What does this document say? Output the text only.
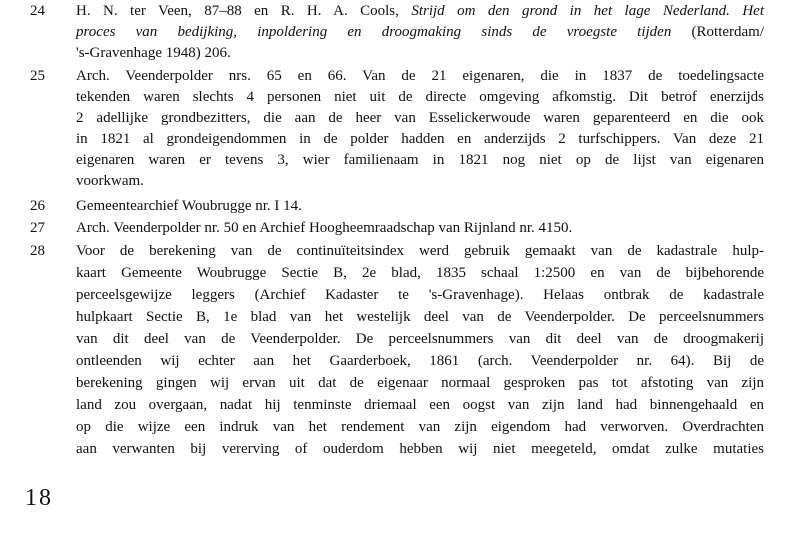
24	H. N. ter Veen, 87–88 en R. H. A. Cools, Strijd om den grond in het lage Nederland. Het
proces van bedijking, inpoldering en droogmaking sinds de vroegste tijden (Rotterdam/
's-Gravenhage 1948) 206.
25	Arch. Veenderpolder nrs. 65 en 66. Van de 21 eigenaren, die in 1837 de toedelingsacte
tekenden waren slechts 4 personen niet uit de directe omgeving afkomstig. Dit betrof enerzijds
2 adellijke grondbezitters, die aan de heer van Esselickerwoude waren geparenteerd en die ook
in 1821 al grondeigendommen in de polder hadden en anderzijds 2 turfschippers. Van deze 21
eigenaren waren er tevens 3, wier familienaam in 1821 nog niet op de lijst van eigenaren
voorkwam.
26	Gemeentearchief Woubrugge nr. I 14.
27	Arch. Veenderpolder nr. 50 en Archief Hoogheemraadschap van Rijnland nr. 4150.
28	Voor de berekening van de continuïteitsindex werd gebruik gemaakt van de kadastrale hulp-
kaart Gemeente Woubrugge Sectie B, 2e blad, 1835 schaal 1:2500 en van de bijbehorende
perceelsgewijze leggers (Archief Kadaster te 's-Gravenhage). Helaas ontbrak de kadastrale
hulpkaart Sectie B, 1e blad van het westelijk deel van de Veenderpolder. De perceelsnummers
van dit deel van de Veenderpolder. De perceelsnummers van dit deel van de droogmakerij
ontleenden wij echter aan het Gaarderboek, 1861 (arch. Veenderpolder nr. 64). Bij de
berekening gingen wij ervan uit dat de eigenaar normaal gesproken pas tot afstoting van zijn
land zou overgaan, nadat hij tenminste driemaal een oogst van zijn land had binnengehaald en
op die wijze een indruk van het rendement van zijn eigendom had verworven. Overdrachten
aan verwanten bij vererving of ouderdom hebben wij niet meegeteld, omdat zulke mutaties
18
